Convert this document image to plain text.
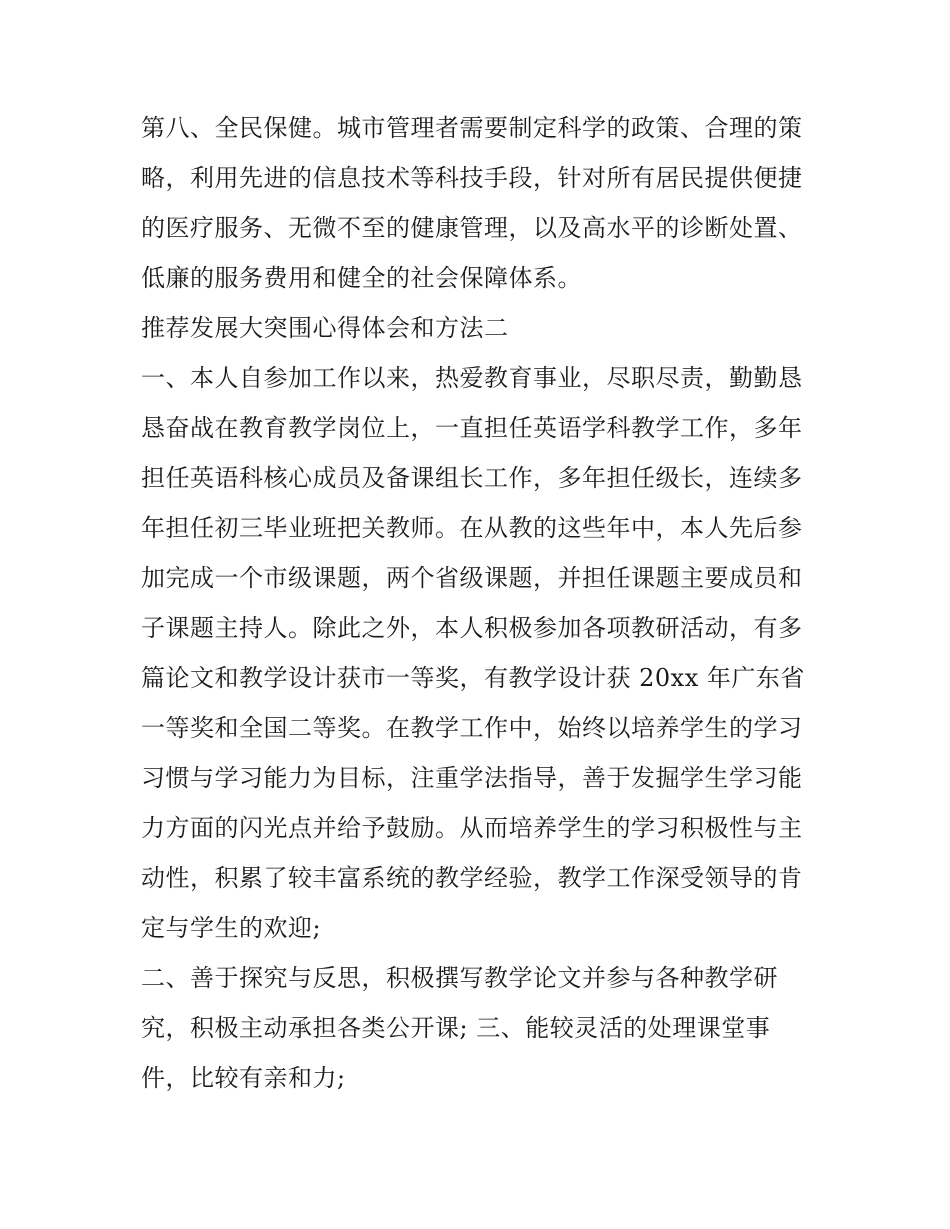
第八、全民保健。城市管理者需要制定科学的政策、合理的策
略，利用先进的信息技术等科技手段，针对所有居民提供便捷
的医疗服务、无微不至的健康管理，以及高水平的诊断处置、
低廉的服务费用和健全的社会保障体系。
推荐发展大突围心得体会和方法二
一、本人自参加工作以来，热爱教育事业，尽职尽责，勤勤恳
恳奋战在教育教学岗位上，一直担任英语学科教学工作，多年
担任英语科核心成员及备课组长工作，多年担任级长，连续多
年担任初三毕业班把关教师。在从教的这些年中，本人先后参
加完成一个市级课题，两个省级课题，并担任课题主要成员和
子课题主持人。除此之外，本人积极参加各项教研活动，有多
篇论文和教学设计获市一等奖，有教学设计获 20xx 年广东省
一等奖和全国二等奖。在教学工作中，始终以培养学生的学习
习惯与学习能力为目标，注重学法指导，善于发掘学生学习能
力方面的闪光点并给予鼓励。从而培养学生的学习积极性与主
动性，积累了较丰富系统的教学经验，教学工作深受领导的肯
定与学生的欢迎;
二、善于探究与反思，积极撰写教学论文并参与各种教学研
究，积极主动承担各类公开课; 三、能较灵活的处理课堂事
件，比较有亲和力;
